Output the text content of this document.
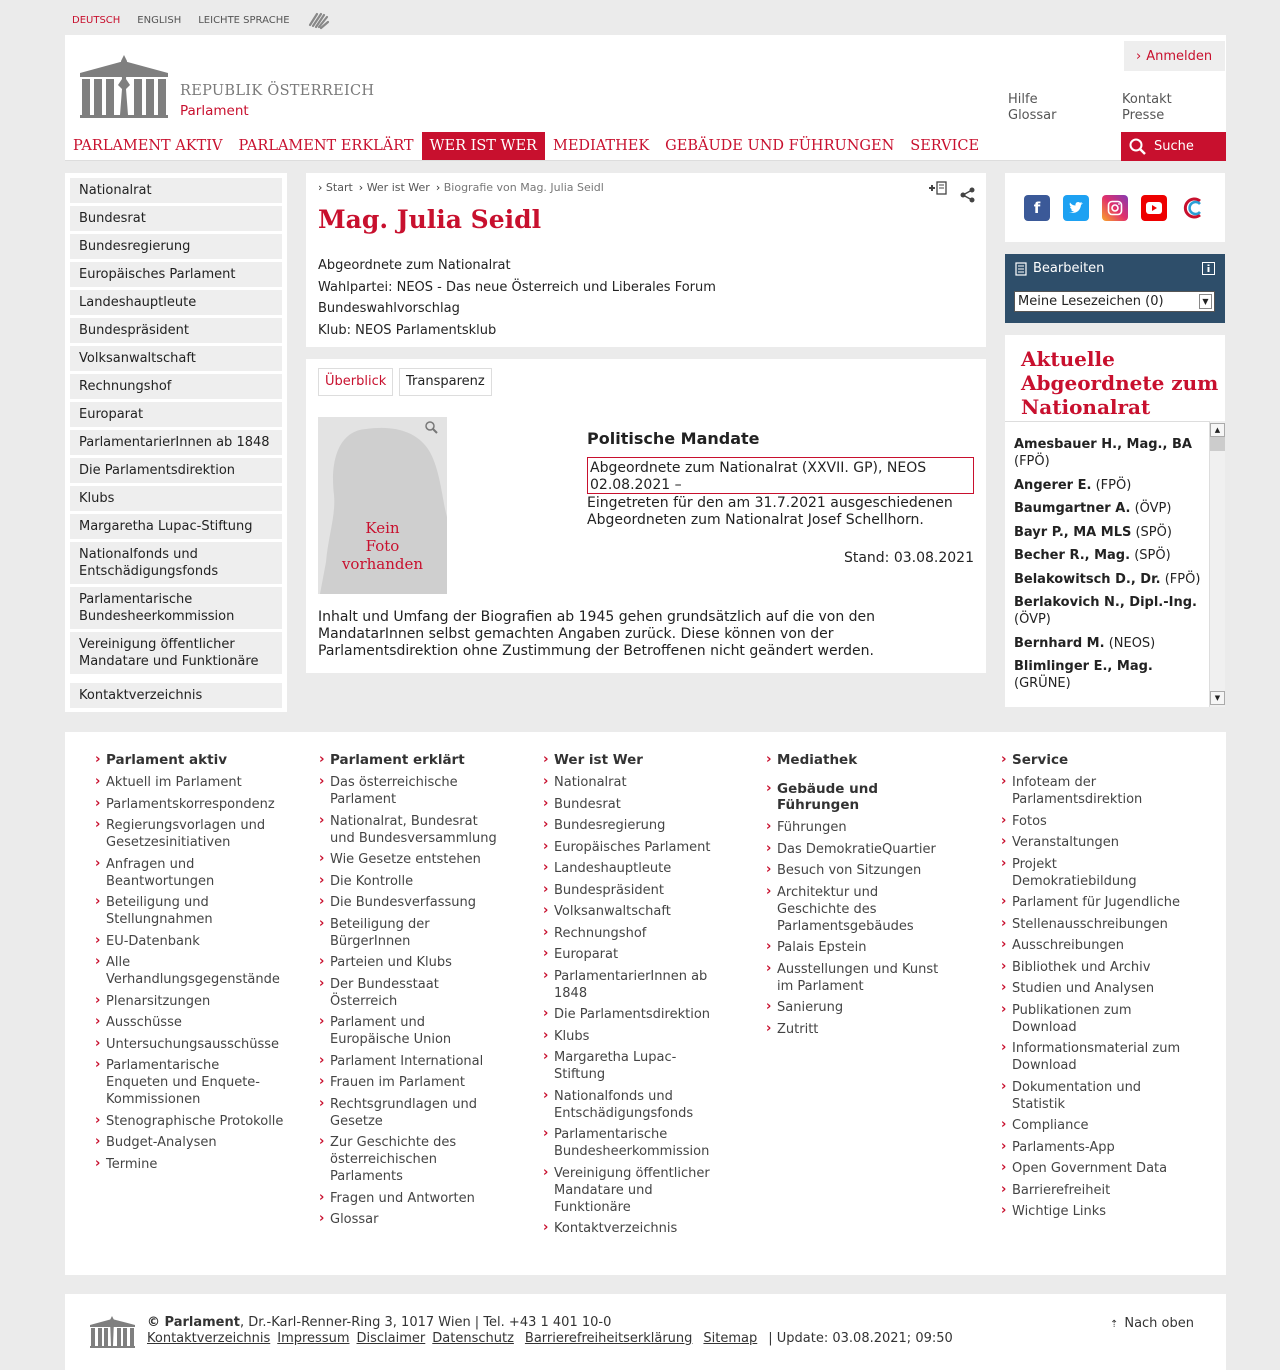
DEUTSCH ENGLISH LEICHTE SPRACHE
REPUBLIK ÖSTERREICH
Parlament
› Anmelden
Hilfe
Glossar
Kontakt
Presse
PARLAMENT AKTIV	PARLAMENT ERKLÄRT	WER IST WER	MEDIATHEK	GEBÄUDE UND FÜHRUNGEN	SERVICE	Suche
Nationalrat
Bundesrat
Bundesregierung
Europäisches Parlament
Landeshauptleute
Bundespräsident
Volksanwaltschaft
Rechnungshof
Europarat
ParlamentarierInnen ab 1848
Die Parlamentsdirektion
Klubs
Margaretha Lupac-Stiftung
Nationalfonds und Entschädigungsfonds
Parlamentarische Bundesheerkommission
Vereinigung öffentlicher Mandatare und Funktionäre
Kontaktverzeichnis
› Start › Wer ist Wer › Biografie von Mag. Julia Seidl
Mag. Julia Seidl
Abgeordnete zum Nationalrat
Wahlpartei: NEOS - Das neue Österreich und Liberales Forum
Bundeswahlvorschlag
Klub: NEOS Parlamentsklub
Überblick	Transparenz
Kein
Foto
vorhanden
Politische Mandate
Abgeordnete zum Nationalrat (XXVII. GP), NEOS
02.08.2021 –
Eingetreten für den am 31.7.2021 ausgeschiedenen Abgeordneten zum Nationalrat Josef Schellhorn.
Stand: 03.08.2021
Inhalt und Umfang der Biografien ab 1945 gehen grundsätzlich auf die von den MandatarInnen selbst gemachten Angaben zurück. Diese können von der Parlamentsdirektion ohne Zustimmung der Betroffenen nicht geändert werden.
f
Bearbeiten
Meine Lesezeichen (0)	▼
Aktuelle Abgeordnete zum Nationalrat
Amesbauer H., Mag., BA (FPÖ)
Angerer E. (FPÖ)
Baumgartner A. (ÖVP)
Bayr P., MA MLS (SPÖ)
Becher R., Mag. (SPÖ)
Belakowitsch D., Dr. (FPÖ)
Berlakovich N., Dipl.-Ing. (ÖVP)
Bernhard M. (NEOS)
Blimlinger E., Mag. (GRÜNE)
▲
▼
› Parlament aktiv
› Aktuell im Parlament
› Parlamentskorrespondenz
› Regierungsvorlagen und Gesetzesinitiativen
› Anfragen und Beantwortungen
› Beteiligung und Stellungnahmen
› EU-Datenbank
› Alle Verhandlungsgegenstände
› Plenarsitzungen
› Ausschüsse
› Untersuchungsausschüsse
› Parlamentarische Enqueten und Enquete-Kommissionen
› Stenographische Protokolle
› Budget-Analysen
› Termine
› Parlament erklärt
› Das österreichische Parlament
› Nationalrat, Bundesrat und Bundesversammlung
› Wie Gesetze entstehen
› Die Kontrolle
› Die Bundesverfassung
› Beteiligung der BürgerInnen
› Parteien und Klubs
› Der Bundesstaat Österreich
› Parlament und Europäische Union
› Parlament International
› Frauen im Parlament
› Rechtsgrundlagen und Gesetze
› Zur Geschichte des österreichischen Parlaments
› Fragen und Antworten
› Glossar
› Wer ist Wer
› Nationalrat
› Bundesrat
› Bundesregierung
› Europäisches Parlament
› Landeshauptleute
› Bundespräsident
› Volksanwaltschaft
› Rechnungshof
› Europarat
› ParlamentarierInnen ab 1848
› Die Parlamentsdirektion
› Klubs
› Margaretha Lupac-Stiftung
› Nationalfonds und Entschädigungsfonds
› Parlamentarische Bundesheerkommission
› Vereinigung öffentlicher Mandatare und Funktionäre
› Kontaktverzeichnis
› Mediathek
› Gebäude und Führungen
› Führungen
› Das DemokratieQuartier
› Besuch von Sitzungen
› Architektur und Geschichte des Parlamentsgebäudes
› Palais Epstein
› Ausstellungen und Kunst im Parlament
› Sanierung
› Zutritt
› Service
› Infoteam der Parlamentsdirektion
› Fotos
› Veranstaltungen
› Projekt Demokratiebildung
› Parlament für Jugendliche
› Stellenausschreibungen
› Ausschreibungen
› Bibliothek und Archiv
› Studien und Analysen
› Publikationen zum Download
› Informationsmaterial zum Download
› Dokumentation und Statistik
› Compliance
› Parlaments-App
› Open Government Data
› Barrierefreiheit
› Wichtige Links
© Parlament, Dr.-Karl-Renner-Ring 3, 1017 Wien | Tel. +43 1 401 10-0
Kontaktverzeichnis Impressum Disclaimer Datenschutz Barrierefreiheitserklärung Sitemap | Update: 03.08.2021; 09:50
⇡ Nach oben
